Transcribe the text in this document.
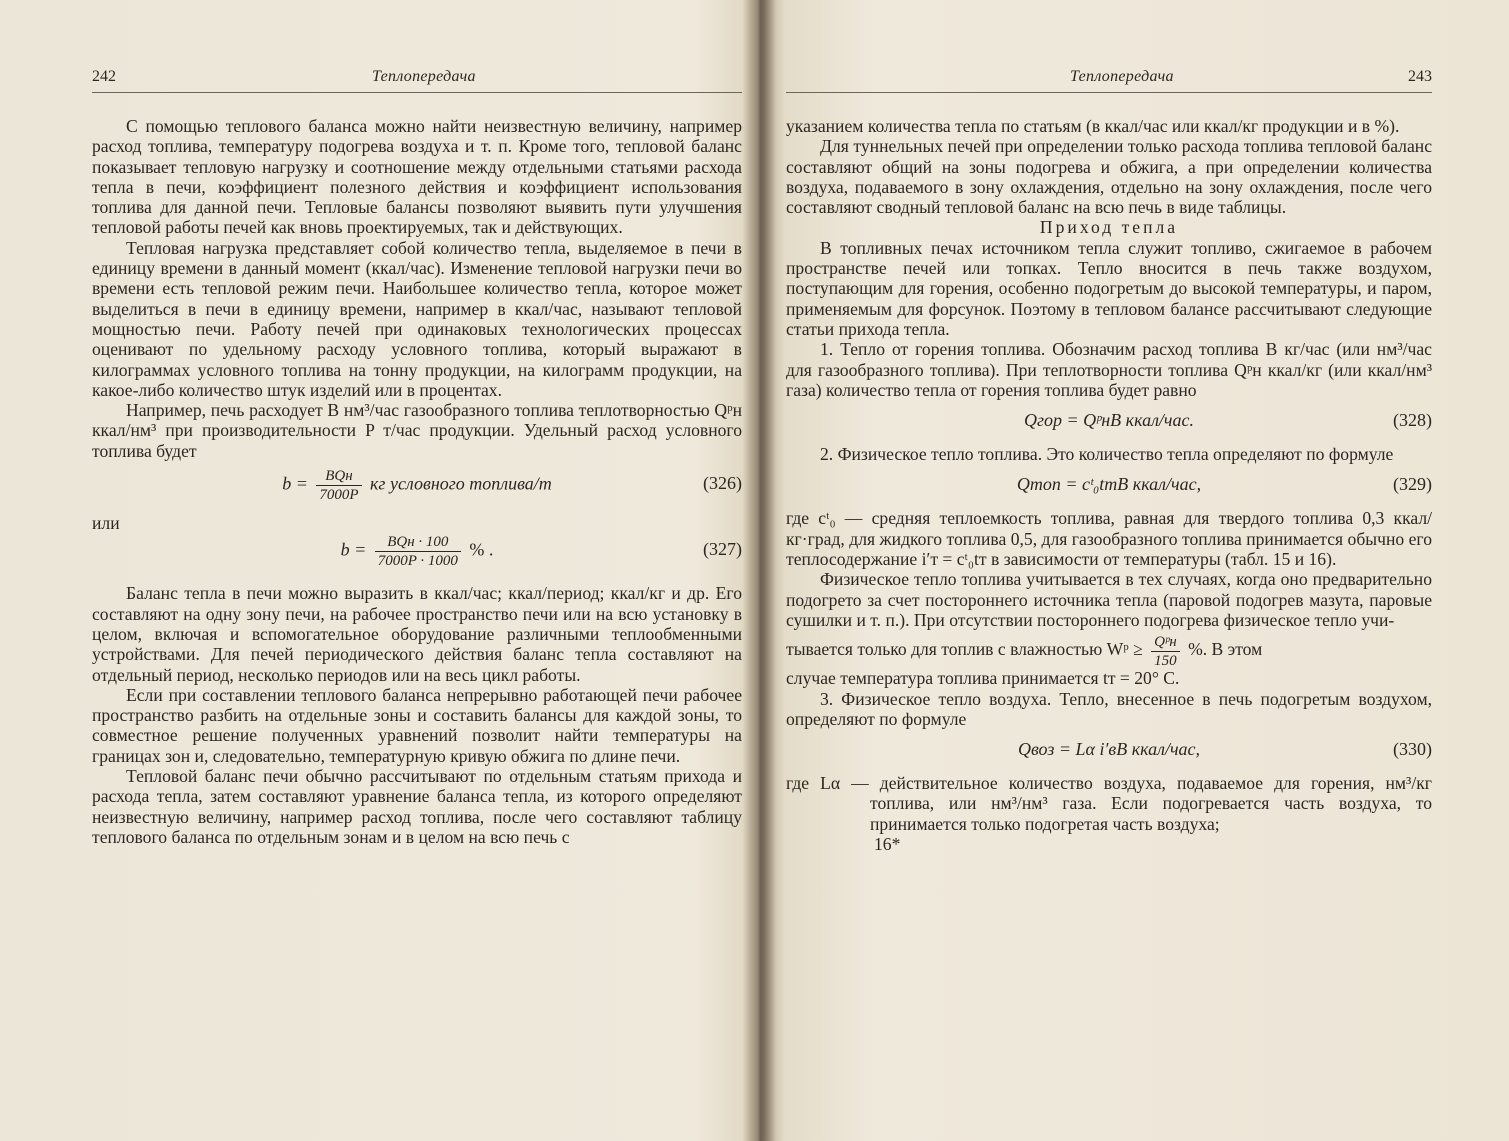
242	Теплопередача

С помощью теплового баланса можно найти неизвестную величину, например расход топлива, температуру подогрева воздуха и т. п. Кроме того, тепловой баланс показывает тепловую нагрузку и соотношение между отдельными статьями расхода тепла в печи, коэффициент полезного действия и коэффициент использования топлива для данной печи. Тепловые балансы позволяют выявить пути улучшения тепловой работы печей как вновь проектируемых, так и действующих.

Тепловая нагрузка представляет собой количество тепла, выделяемое в печи в единицу времени в данный момент (ккал/час). Изменение тепловой нагрузки печи во времени есть тепловой режим печи. Наибольшее количество тепла, которое может выделиться в печи в единицу времени, например в ккал/час, называют тепловой мощностью печи. Работу печей при одинаковых технологических процессах оценивают по удельному расходу условного топлива, который выражают в килограммах условного топлива на тонну продукции, на килограмм продукции, на какое-либо количество штук изделий или в процентах.

Например, печь расходует B нм³/час газообразного топлива теплотворностью Qᵖн ккал/нм³ при производительности P т/час продукции. Удельный расход условного топлива будет

$b = \frac{\text{BQн}}{7000P}$ кг условного топлива/т	(326)

или

$b = \frac{\text{BQн · 100}}{7000P \cdot 1000}$ % .	(327)

Баланс тепла в печи можно выразить в ккал/час; ккал/период; ккал/кг и др. Его составляют на одну зону печи, на рабочее пространство печи или на всю установку в целом, включая и вспомогательное оборудование различными теплообменными устройствами. Для печей периодического действия баланс тепла составляют на отдельный период, несколько периодов или на весь цикл работы.

Если при составлении теплового баланса непрерывно работающей печи рабочее пространство разбить на отдельные зоны и составить балансы для каждой зоны, то совместное решение полученных уравнений позволит найти температуры на границах зон и, следовательно, температурную кривую обжига по длине печи.

Тепловой баланс печи обычно рассчитывают по отдельным статьям прихода и расхода тепла, затем составляют уравнение баланса тепла, из которого определяют неизвестную величину, например расход топлива, после чего составляют таблицу теплового баланса по отдельным зонам и в целом на всю печь с

Теплопередача	243

указанием количества тепла по статьям (в ккал/час или ккал/кг продукции и в %).

Для туннельных печей при определении только расхода топлива тепловой баланс составляют общий на зоны подогрева и обжига, а при определении количества воздуха, подаваемого в зону охлаждения, отдельно на зону охлаждения, после чего составляют сводный тепловой баланс на всю печь в виде таблицы.

Приход тепла

В топливных печах источником тепла служит топливо, сжигаемое в рабочем пространстве печей или топках. Тепло вносится в печь также воздухом, поступающим для горения, особенно подогретым до высокой температуры, и паром, применяемым для форсунок. Поэтому в тепловом балансе рассчитывают следующие статьи прихода тепла.

1. Тепло от горения топлива. Обозначим расход топлива B кг/час (или нм³/час для газообразного топлива). При теплотворности топлива Qᵖн ккал/кг (или ккал/нм³ газа) количество тепла от горения топлива будет равно

Qгор = QᵖнB ккал/час.	(328)

2. Физическое тепло топлива. Это количество тепла определяют по формуле

Qтоп = cᵗ₀tтB ккал/час,	(329)

где cᵗ₀ — средняя теплоемкость топлива, равная для твердого топлива 0,3 ккал/кг·град, для жидкого топлива 0,5, для газообразного топлива принимается обычно его теплосодержание i′т = cᵗ₀tт в зависимости от температуры (табл. 15 и 16).

Физическое тепло топлива учитывается в тех случаях, когда оно предварительно подогрето за счет постороннего источника тепла (паровой подогрев мазута, паровые сушилки и т. п.). При отсутствии постороннего подогрева физическое тепло учи-

тывается только для топлив с влажностью Wᵖ ≥ $\frac{\text{Qᵖн}}{150}$ %. В этом

случае температура топлива принимается tт = 20° С.

3. Физическое тепло воздуха. Тепло, внесенное в печь подогретым воздухом, определяют по формуле

Qвоз = Lα i′вB ккал/час,	(330)

где Lα — действительное количество воздуха, подаваемое для горения, нм³/кг топлива, или нм³/нм³ газа. Если подогревается часть воздуха, то принимается только подогретая часть воздуха;

16*
